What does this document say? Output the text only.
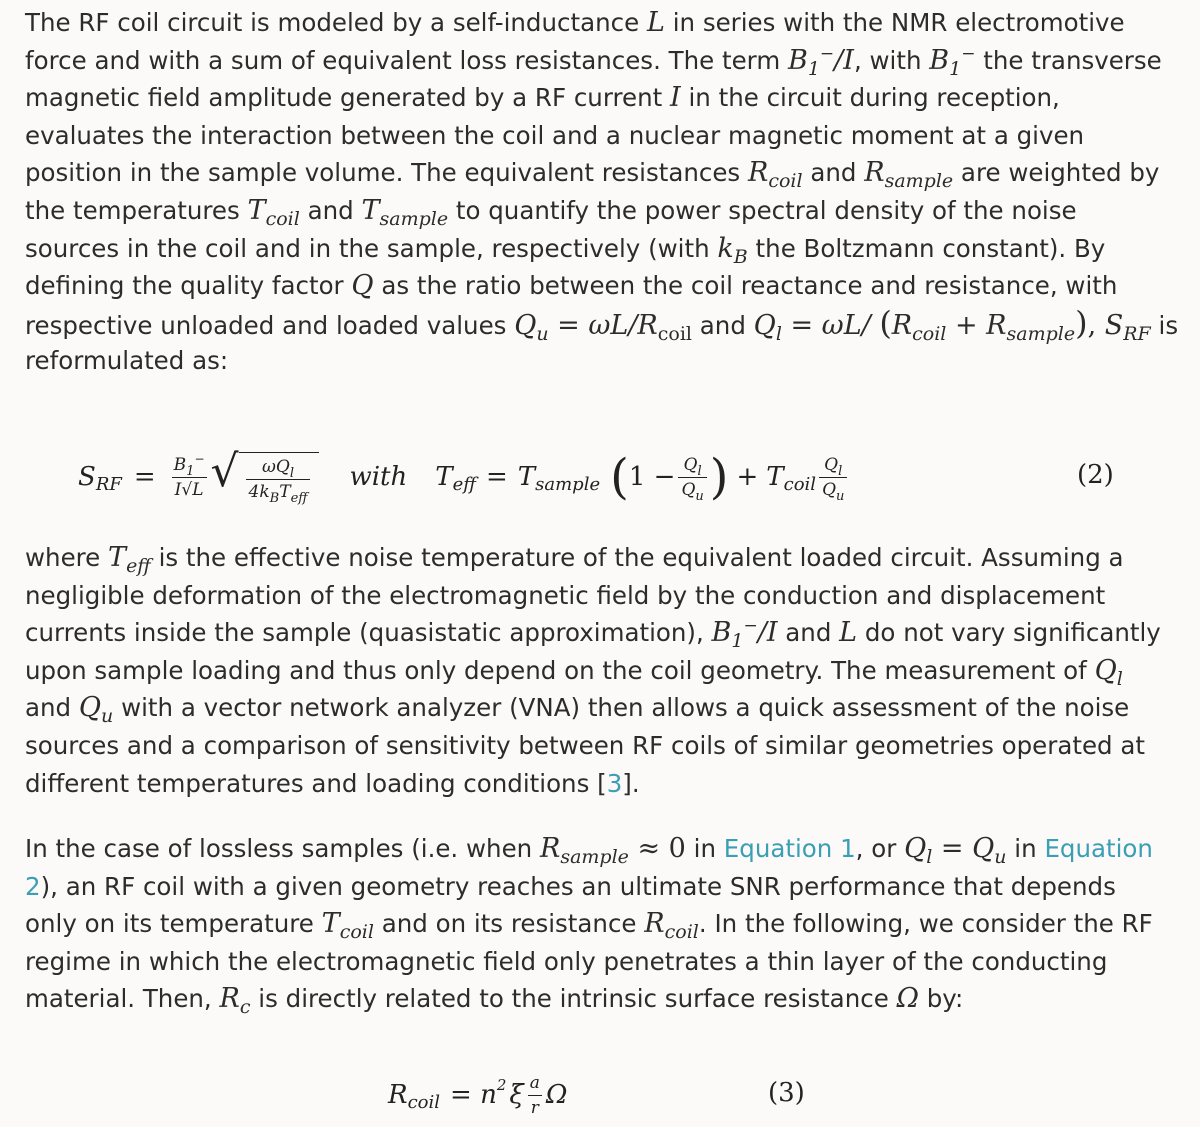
The RF coil circuit is modeled by a self-inductance L in series with the NMR electromotive
force and with a sum of equivalent loss resistances. The term $B_1^-/I$, with $B_1^-$ the transverse
magnetic field amplitude generated by a RF current I in the circuit during reception,
evaluates the interaction between the coil and a nuclear magnetic moment at a given
position in the sample volume. The equivalent resistances $R_{coil}$ and $R_{sample}$ are weighted by
the temperatures $T_{coil}$ and $T_{sample}$ to quantify the power spectral density of the noise
sources in the coil and in the sample, respectively (with $k_B$ the Boltzmann constant). By
defining the quality factor Q as the ratio between the coil reactance and resistance, with
respective unloaded and loaded values $Q_u = \omega L/R_{coil}$ and $Q_l = \omega L/$ $(R_{coil} + R_{sample})$, $S_{RF}$ is
reformulated as:
S RF = $\frac{B_1^-}{I√L}$ √ $\frac{\omega Q_l}{4k_BT_{eff}}$ with T eff = T sample ( $1 - \frac{Q_l}{Q_u}$ ) + T coil $\frac{Q_l}{Q_u}$	(2)
where $T_{eff}$ is the effective noise temperature of the equivalent loaded circuit. Assuming a
negligible deformation of the electromagnetic field by the conduction and displacement
currents inside the sample (quasistatic approximation), $B_1^-/I$ and L do not vary significantly
upon sample loading and thus only depend on the coil geometry. The measurement of $Q_l$
and $Q_u$ with a vector network analyzer (VNA) then allows a quick assessment of the noise
sources and a comparison of sensitivity between RF coils of similar geometries operated at
different temperatures and loading conditions [3].
In the case of lossless samples (i.e. when $R_{sample} \approx 0$ in Equation 1, or $Q_l = Q_u$ in Equation
2), an RF coil with a given geometry reaches an ultimate SNR performance that depends
only on its temperature $T_{coil}$ and on its resistance $R_{coil}$. In the following, we consider the RF
regime in which the electromagnetic field only penetrates a thin layer of the conducting
material. Then, $R_c$ is directly related to the intrinsic surface resistance Ω by:
R coil = n 2 ξ $\frac{a}{r}$ Ω	(3)
